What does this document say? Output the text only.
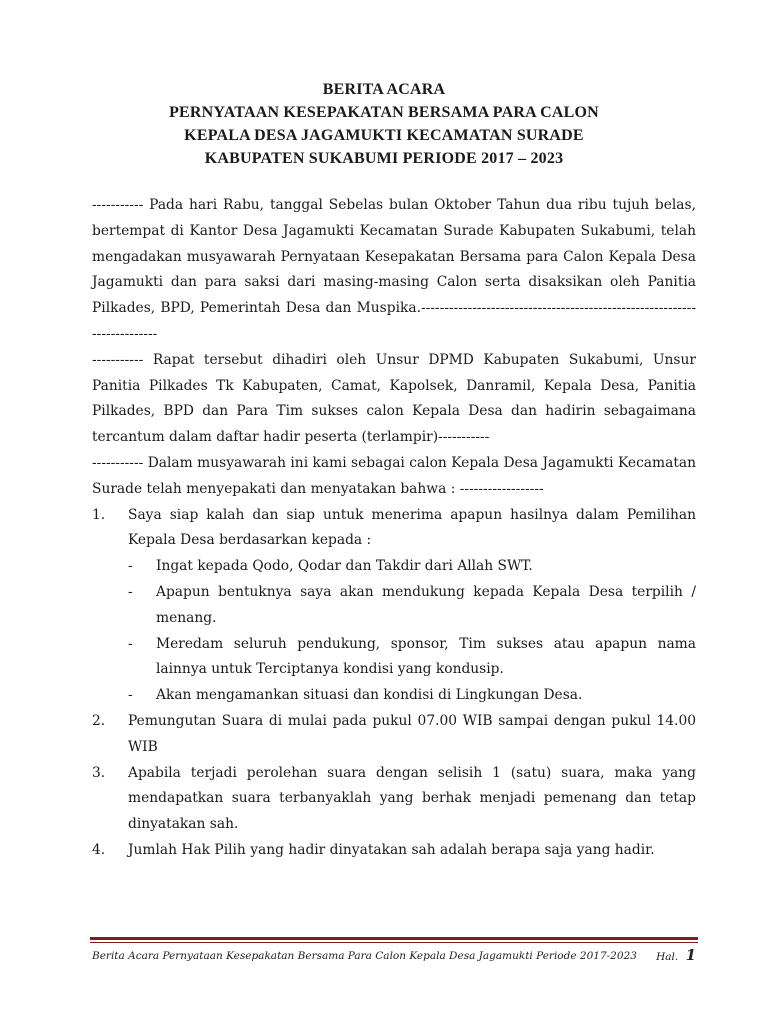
BERITA ACARA
PERNYATAAN KESEPAKATAN BERSAMA PARA CALON
KEPALA DESA JAGAMUKTI KECAMATAN SURADE
KABUPATEN SUKABUMI PERIODE 2017 – 2023

----------- Pada hari Rabu, tanggal Sebelas bulan Oktober Tahun dua ribu tujuh belas, bertempat di Kantor Desa Jagamukti Kecamatan Surade Kabupaten Sukabumi, telah mengadakan musyawarah Pernyataan Kesepakatan Bersama para Calon Kepala Desa Jagamukti dan para saksi dari masing-masing Calon serta disaksikan oleh Panitia Pilkades, BPD, Pemerintah Desa dan Muspika.-------------------------------------------------------------------------

----------- Rapat tersebut dihadiri oleh Unsur DPMD Kabupaten Sukabumi, Unsur Panitia Pilkades Tk Kabupaten, Camat, Kapolsek, Danramil, Kepala Desa, Panitia Pilkades, BPD dan Para Tim sukses calon Kepala Desa dan hadirin sebagaimana tercantum dalam daftar hadir peserta (terlampir)-----------

----------- Dalam musyawarah ini kami sebagai calon Kepala Desa Jagamukti Kecamatan Surade telah menyepakati dan menyatakan bahwa : ------------------

1. Saya siap kalah dan siap untuk menerima apapun hasilnya dalam Pemilihan Kepala Desa berdasarkan kepada :
- Ingat kepada Qodo, Qodar dan Takdir dari Allah SWT.
- Apapun bentuknya saya akan mendukung kepada Kepala Desa terpilih / menang.
- Meredam seluruh pendukung, sponsor, Tim sukses atau apapun nama lainnya untuk Terciptanya kondisi yang kondusip.
- Akan mengamankan situasi dan kondisi di Lingkungan Desa.
2. Pemungutan Suara di mulai pada pukul 07.00 WIB sampai dengan pukul 14.00 WIB
3. Apabila terjadi perolehan suara dengan selisih 1 (satu) suara, maka yang mendapatkan suara terbanyaklah yang berhak menjadi pemenang dan tetap dinyatakan sah.
4. Jumlah Hak Pilih yang hadir dinyatakan sah adalah berapa saja yang hadir.
Berita Acara Pernyataan Kesepakatan Bersama Para Calon Kepala Desa Jagamukti Periode 2017-2023 Hal. 1
